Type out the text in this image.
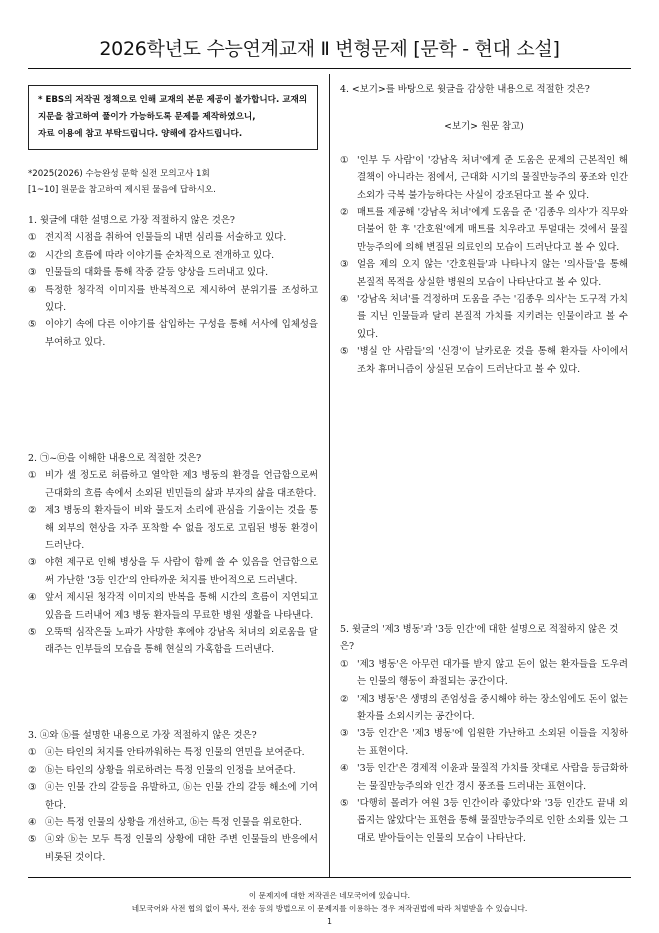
2026학년도 수능연계교재 Ⅱ 변형문제 [문학 - 현대 소설]
* EBS의 저작권 정책으로 인해 교재의 본문 제공이 불가합니다. 교재의
지문을 참고하여 풀이가 가능하도록 문제를 제작하였으니,
자료 이용에 참고 부탁드립니다. 양해에 감사드립니다.
*2025(2026) 수능완성 문학 실전 모의고사 1회
[1~10] 원문을 참고하여 제시된 물음에 답하시오.
1. 윗글에 대한 설명으로 가장 적절하지 않은 것은?
① 전지적 시점을 취하여 인물들의 내면 심리를 서술하고 있다.
② 시간의 흐름에 따라 이야기를 순차적으로 전개하고 있다.
③ 인물들의 대화를 통해 작중 갈등 양상을 드러내고 있다.
④ 특정한 청각적 이미지를 반복적으로 제시하여 분위기를 조성하고 있다.
⑤ 이야기 속에 다른 이야기를 삽입하는 구성을 통해 서사에 입체성을 부여하고 있다.
2. ㉠~㉤을 이해한 내용으로 적절한 것은?
① 비가 샐 정도로 허름하고 열악한 제3 병동의 환경을 언급함으로써 근대화의 흐름 속에서 소외된 빈민들의 삶과 부자의 삶을 대조한다.
② 제3 병동의 환자들이 비와 물도저 소리에 관심을 기울이는 것을 통해 외부의 현상을 자주 포착할 수 없을 정도로 고립된 병동 환경이 드러난다.
③ 야현 제구로 인해 병상을 두 사람이 함께 쓸 수 있음을 언급함으로써 가난한 '3등 인간'의 안타까운 처지를 반어적으로 드러낸다.
④ 앞서 제시된 청각적 이미지의 반복을 통해 시간의 흐름이 지연되고 있음을 드러내어 제3 병동 환자들의 무료한 병원 생활을 나타낸다.
⑤ 오뚝떡 심작은둘 노파가 사망한 후에야 강남옥 처녀의 외로움을 달래주는 인부들의 모습을 통해 현실의 가혹함을 드러낸다.
3. ⓐ와 ⓑ를 설명한 내용으로 가장 적절하지 않은 것은?
① ⓐ는 타인의 처지를 안타까워하는 특정 인물의 연민을 보여준다.
② ⓑ는 타인의 상황을 위로하려는 특정 인물의 인정을 보여준다.
③ ⓐ는 인물 간의 갈등을 유발하고, ⓑ는 인물 간의 갈등 해소에 기여한다.
④ ⓐ는 특정 인물의 상황을 개선하고, ⓑ는 특정 인물을 위로한다.
⑤ ⓐ와 ⓑ는 모두 특정 인물의 상황에 대한 주변 인물들의 반응에서 비롯된 것이다.
4. <보기>를 바탕으로 윗글을 감상한 내용으로 적절한 것은?
<보기> 원문 참고)
① '인부 두 사람'이 '강남옥 처녀'에게 준 도움은 문제의 근본적인 해결책이 아니라는 점에서, 근대화 시기의 물질만능주의 풍조와 인간 소외가 극복 불가능하다는 사실이 강조된다고 볼 수 있다.
② 매트를 제공해 '강남옥 처녀'에게 도움을 준 '김종우 의사'가 직무와 더불어 한 후 '간호원'에게 매트를 치우라고 투덜대는 것에서 물질만능주의에 의해 변질된 의료인의 모습이 드러난다고 볼 수 있다.
③ 얼음 제의 오지 않는 '간호원들'과 나타나지 않는 '의사들'을 통해 본질적 목적을 상실한 병원의 모습이 나타난다고 볼 수 있다.
④ '강남옥 처녀'를 걱정하며 도움을 주는 '김종우 의사'는 도구적 가치를 지닌 인물들과 달리 본질적 가치를 지키려는 인물이라고 볼 수 있다.
⑤ '병실 안 사람들'의 '신경'이 날카로운 것을 통해 환자들 사이에서 조차 휴머니즘이 상실된 모습이 드러난다고 볼 수 있다.
5. 윗글의 '제3 병동'과 '3등 인간'에 대한 설명으로 적절하지 않은 것은?
① '제3 병동'은 아무런 대가를 받지 않고 돈이 없는 환자들을 도우려는 인물의 행동이 좌절되는 공간이다.
② '제3 병동'은 생명의 존엄성을 중시해야 하는 장소임에도 돈이 없는 환자를 소외시키는 공간이다.
③ '3등 인간'은 '제3 병동'에 입원한 가난하고 소외된 이들을 지칭하는 표현이다.
④ '3등 인간'은 경제적 이윤과 물질적 가치를 잣대로 사람을 등급화하는 물질만능주의와 인간 경시 풍조를 드러내는 표현이다.
⑤ '다행히 몰려가 여원 3등 인간이라 좋았다'와 '3등 인간도 끝내 외롭지는 않았다'는 표현을 통해 물질만능주의로 인한 소외를 있는 그대로 받아들이는 인물의 모습이 나타난다.
이 문제지에 대한 저작권은 네모국어에 있습니다.
네모국어와 사전 협의 없이 복사, 전송 등의 방법으로 이 문제지를 이용하는 경우 저작권법에 따라 처벌받을 수 있습니다.
1
